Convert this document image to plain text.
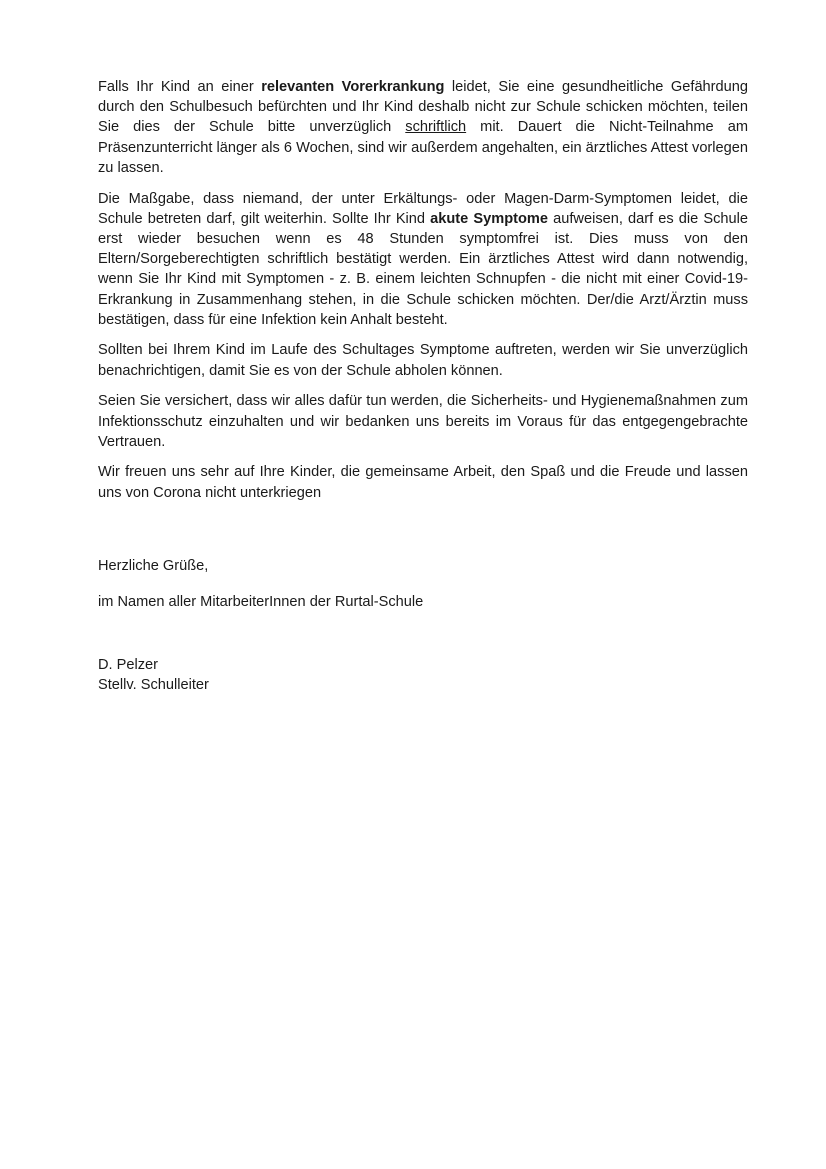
Falls Ihr Kind an einer relevanten Vorerkrankung leidet, Sie eine gesundheitliche Gefährdung durch den Schulbesuch befürchten und Ihr Kind deshalb nicht zur Schule schicken möchten, teilen Sie dies der Schule bitte unverzüglich schriftlich mit. Dauert die Nicht-Teilnahme am Präsenzunterricht länger als 6 Wochen, sind wir außerdem angehalten, ein ärztliches Attest vorlegen zu lassen.

Die Maßgabe, dass niemand, der unter Erkältungs- oder Magen-Darm-Symptomen leidet, die Schule betreten darf, gilt weiterhin. Sollte Ihr Kind akute Symptome aufweisen, darf es die Schule erst wieder besuchen wenn es 48 Stunden symptomfrei ist. Dies muss von den Eltern/Sorgeberechtigten schriftlich bestätigt werden. Ein ärztliches Attest wird dann notwendig, wenn Sie Ihr Kind mit Symptomen - z. B. einem leichten Schnupfen - die nicht mit einer Covid-19-Erkrankung in Zusammenhang stehen, in die Schule schicken möchten. Der/die Arzt/Ärztin muss bestätigen, dass für eine Infektion kein Anhalt besteht.

Sollten bei Ihrem Kind im Laufe des Schultages Symptome auftreten, werden wir Sie unverzüglich benachrichtigen, damit Sie es von der Schule abholen können.

Seien Sie versichert, dass wir alles dafür tun werden, die Sicherheits- und Hygienemaßnahmen zum Infektionsschutz einzuhalten und wir bedanken uns bereits im Voraus für das entgegengebrachte Vertrauen.

Wir freuen uns sehr auf Ihre Kinder, die gemeinsame Arbeit, den Spaß und die Freude und lassen uns von Corona nicht unterkriegen

Herzliche Grüße,

im Namen aller MitarbeiterInnen der Rurtal-Schule

D. Pelzer

Stellv. Schulleiter
